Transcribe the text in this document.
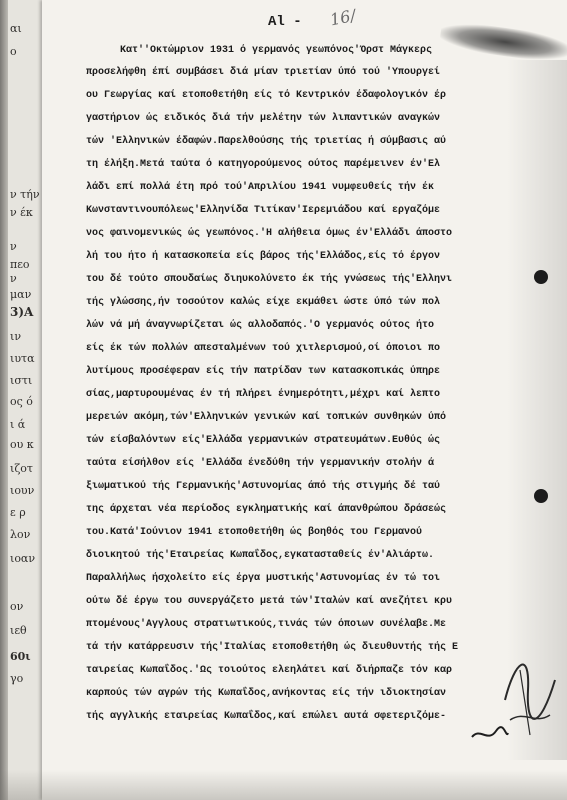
αι
ο
ν τήν
ν έκ
ν
πεο
ν
μαν
3)Α
ιν
ιυτα
ιστι
ος ό
ι ά
ου κ
ιζοτ
ιουν
ε ρ
λον
ιοαν
ον
ιεθ
60ι
γο
Al - 16/
Κατ''Οκτώμριον 1931 ό γερμανός γεωπόνος'Όρστ Μάγκερς
προσελήφθη έπί συμβάσει διά μίαν τριετίαν ύπό τού 'Υπουργεί
ου Γεωργίας καί ετοποθετήθη είς τό Κεντρικόν έδαφολογικόν έρ
γαστήριον ώς ειδικός διά τήν μελέτην τών λιπαντικών αναγκών
τών 'Ελληνικών έδαφών.Παρελθούσης τής τριετίας ή σύμβασις αύ
τη έλήξη.Μετά ταύτα ό κατηγορούμενος ούτος παρέμεινεν έν'Ελ
λάδι επί πολλά έτη πρό τού'Απριλίου 1941 νυμφευθείς τήν έκ
Κωνσταντινουπόλεως'Ελληνίδα Τιτίκαν'Ιερεμιάδου καί εργαζόμε
νος φαινομενικώς ώς γεωπόνος.'Η αλήθεια όμως έν'Ελλάδι άποστο
λή του ήτο ή κατασκοπεία είς βάρος τής'Ελλάδος,είς τό έργον
του δέ τούτο σπουδαίως διηυκολύνετο έκ τής γνώσεως τής'Ελληνι
τής γλώσσης,ήν τοσούτον καλώς είχε εκμάθει ώστε ύπό τών πολ
λών νά μή άναγνωρίζεται ώς αλλοδαπός.'Ο γερμανός ούτος ήτο
είς έκ τών πολλών απεσταλμένων τού χιτλερισμού,οί όποιοι πο
λυτίμους προσέφεραν είς τήν πατρίδαν των κατασκοπικάς ύπηρε
σίας,μαρτυρουμένας έν τή πλήρει ένημερότητι,μέχρι καί λεπτο
μερειών ακόμη,τών'Ελληνικών γενικών καί τοπικών συνθηκών ύπό
τών είσβαλόντων είς'Ελλάδα γερμανικών στρατευμάτων.Ευθύς ώς
ταύτα είσήλθον είς 'Ελλάδα ένεδύθη τήν γερμανικήν στολήν ά
ξιωματικού τής Γερμανικής'Αστυνομίας άπό τής στιγμής δέ ταύ
της άρχεται νέα περίοδος εγκληματικής καί άπανθρώπου δράσεώς
του.Κατά'Ιούνιον 1941 ετοποθετήθη ώς βοηθός του Γερμανού
διοικητού τής'Εταιρείας Κωπαΐδος,εγκατασταθείς έν'Αλιάρτω.
Παραλλήλως ήσχολείτο είς έργα μυστικής'Αστυνομίας έν τώ τοι
ούτω δέ έργω του συνεργάζετο μετά τών'Ιταλών καί ανεζήτει κρυ
πτομένους'Αγγλους στρατιωτικούς,τινάς τών όποιων συνέλαβε.Με
τά τήν κατάρρευσιν τής'Ιταλίας ετοποθετήθη ώς διευθυντής τής Ε
ταιρείας Κωπαΐδος.'Ως τοιούτος ελεηλάτει καί διήρπαζε τόν καρ
καρπούς τών αγρών τής Κωπαΐδος,ανήκοντας είς τήν ιδιοκτησίαν
τής αγγλικής εταιρείας Κωπαΐδος,καί επώλει αυτά σφετεριζόμε-
